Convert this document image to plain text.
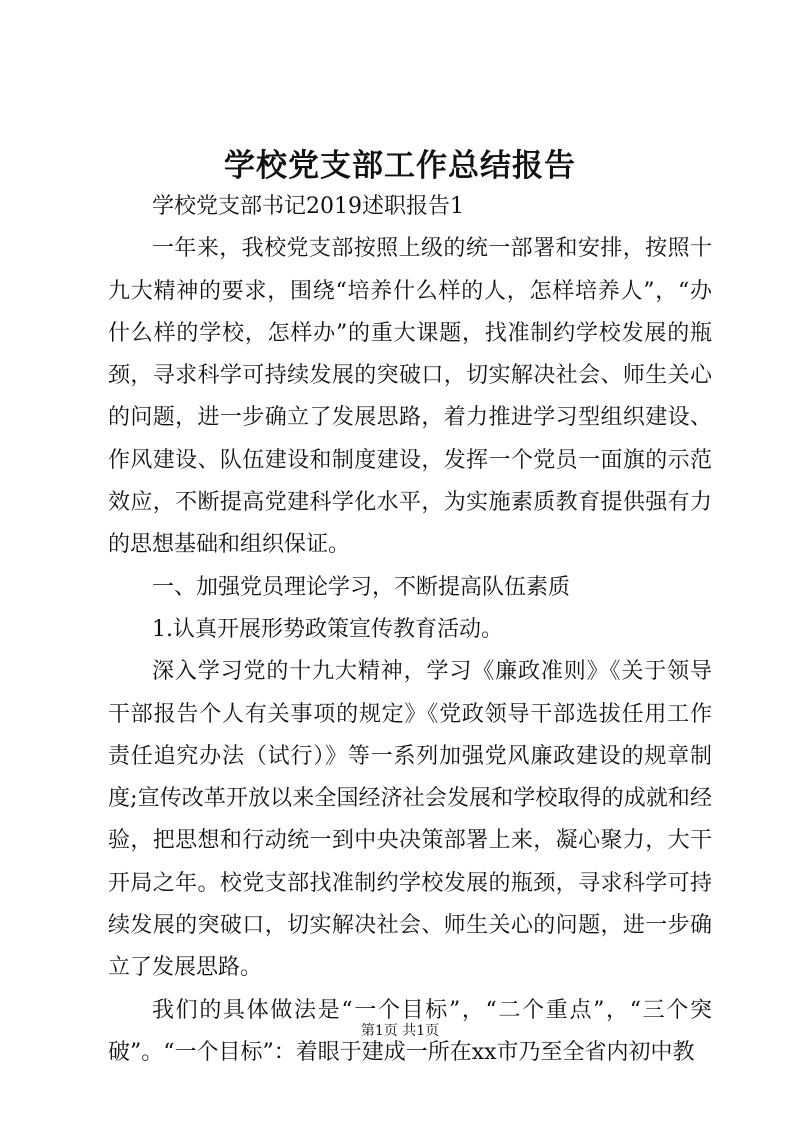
学校党支部工作总结报告

学校党支部书记2019述职报告1

一年来，我校党支部按照上级的统一部署和安排，按照十九大精神的要求，围绕“培养什么样的人，怎样培养人”，“办什么样的学校，怎样办”的重大课题，找准制约学校发展的瓶颈，寻求科学可持续发展的突破口，切实解决社会、师生关心的问题，进一步确立了发展思路，着力推进学习型组织建设、作风建设、队伍建设和制度建设，发挥一个党员一面旗的示范效应，不断提高党建科学化水平，为实施素质教育提供强有力的思想基础和组织保证。

一、加强党员理论学习，不断提高队伍素质

1.认真开展形势政策宣传教育活动。

深入学习党的十九大精神，学习《廉政准则》《关于领导干部报告个人有关事项的规定》《党政领导干部选拔任用工作责任追究办法（试行）》等一系列加强党风廉政建设的规章制度;宣传改革开放以来全国经济社会发展和学校取得的成就和经验，把思想和行动统一到中央决策部署上来，凝心聚力，大干开局之年。校党支部找准制约学校发展的瓶颈，寻求科学可持续发展的突破口，切实解决社会、师生关心的问题，进一步确立了发展思路。

我们的具体做法是“一个目标”，“二个重点”，“三个突破”。“一个目标”：着眼于建成一所在xx市乃至全省内初中教

第1页 共1页
